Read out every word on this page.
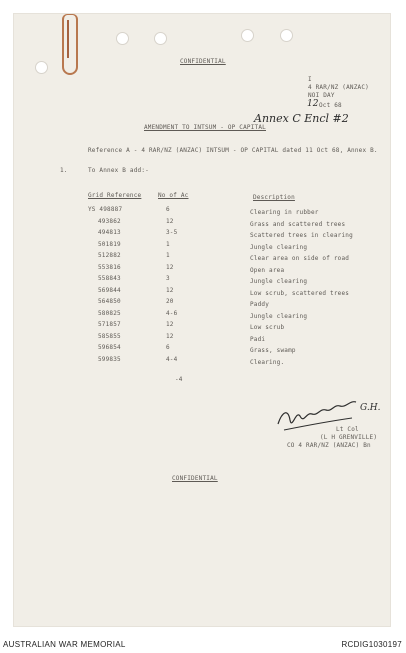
CONFIDENTIAL

I

4 RAR/NZ (ANZAC)

NOI DAY

12 Oct 68

Annex C Encl #2

AMENDMENT TO INTSUM - OP CAPITAL

Reference A - 4 RAR/NZ (ANZAC) INTSUM - OP CAPITAL dated 11 Oct 68, Annex B.

1.	To Annex B add:-

Grid Reference	No of Ac	Description

YS 498887	6	Clearing in rubber

493862	12	Grass and scattered trees

494813	3-5	Scattered trees in clearing

501819	1	Jungle clearing

512882	1	Clear area on side of road

553816	12	Open area

558843	3	Jungle clearing

569844	12	Low scrub, scattered trees

564850	20	Paddy

580825	4-6	Jungle clearing

571857	12	Low scrub

585855	12	Padi

596854	6	Grass, swamp

599835	4-4	Clearing.

-4

G.H.

Lt Col

(L H GRENVILLE)

CO 4 RAR/NZ (ANZAC) Bn

CONFIDENTIAL

AUSTRALIAN WAR MEMORIAL	RCDIG1030197
